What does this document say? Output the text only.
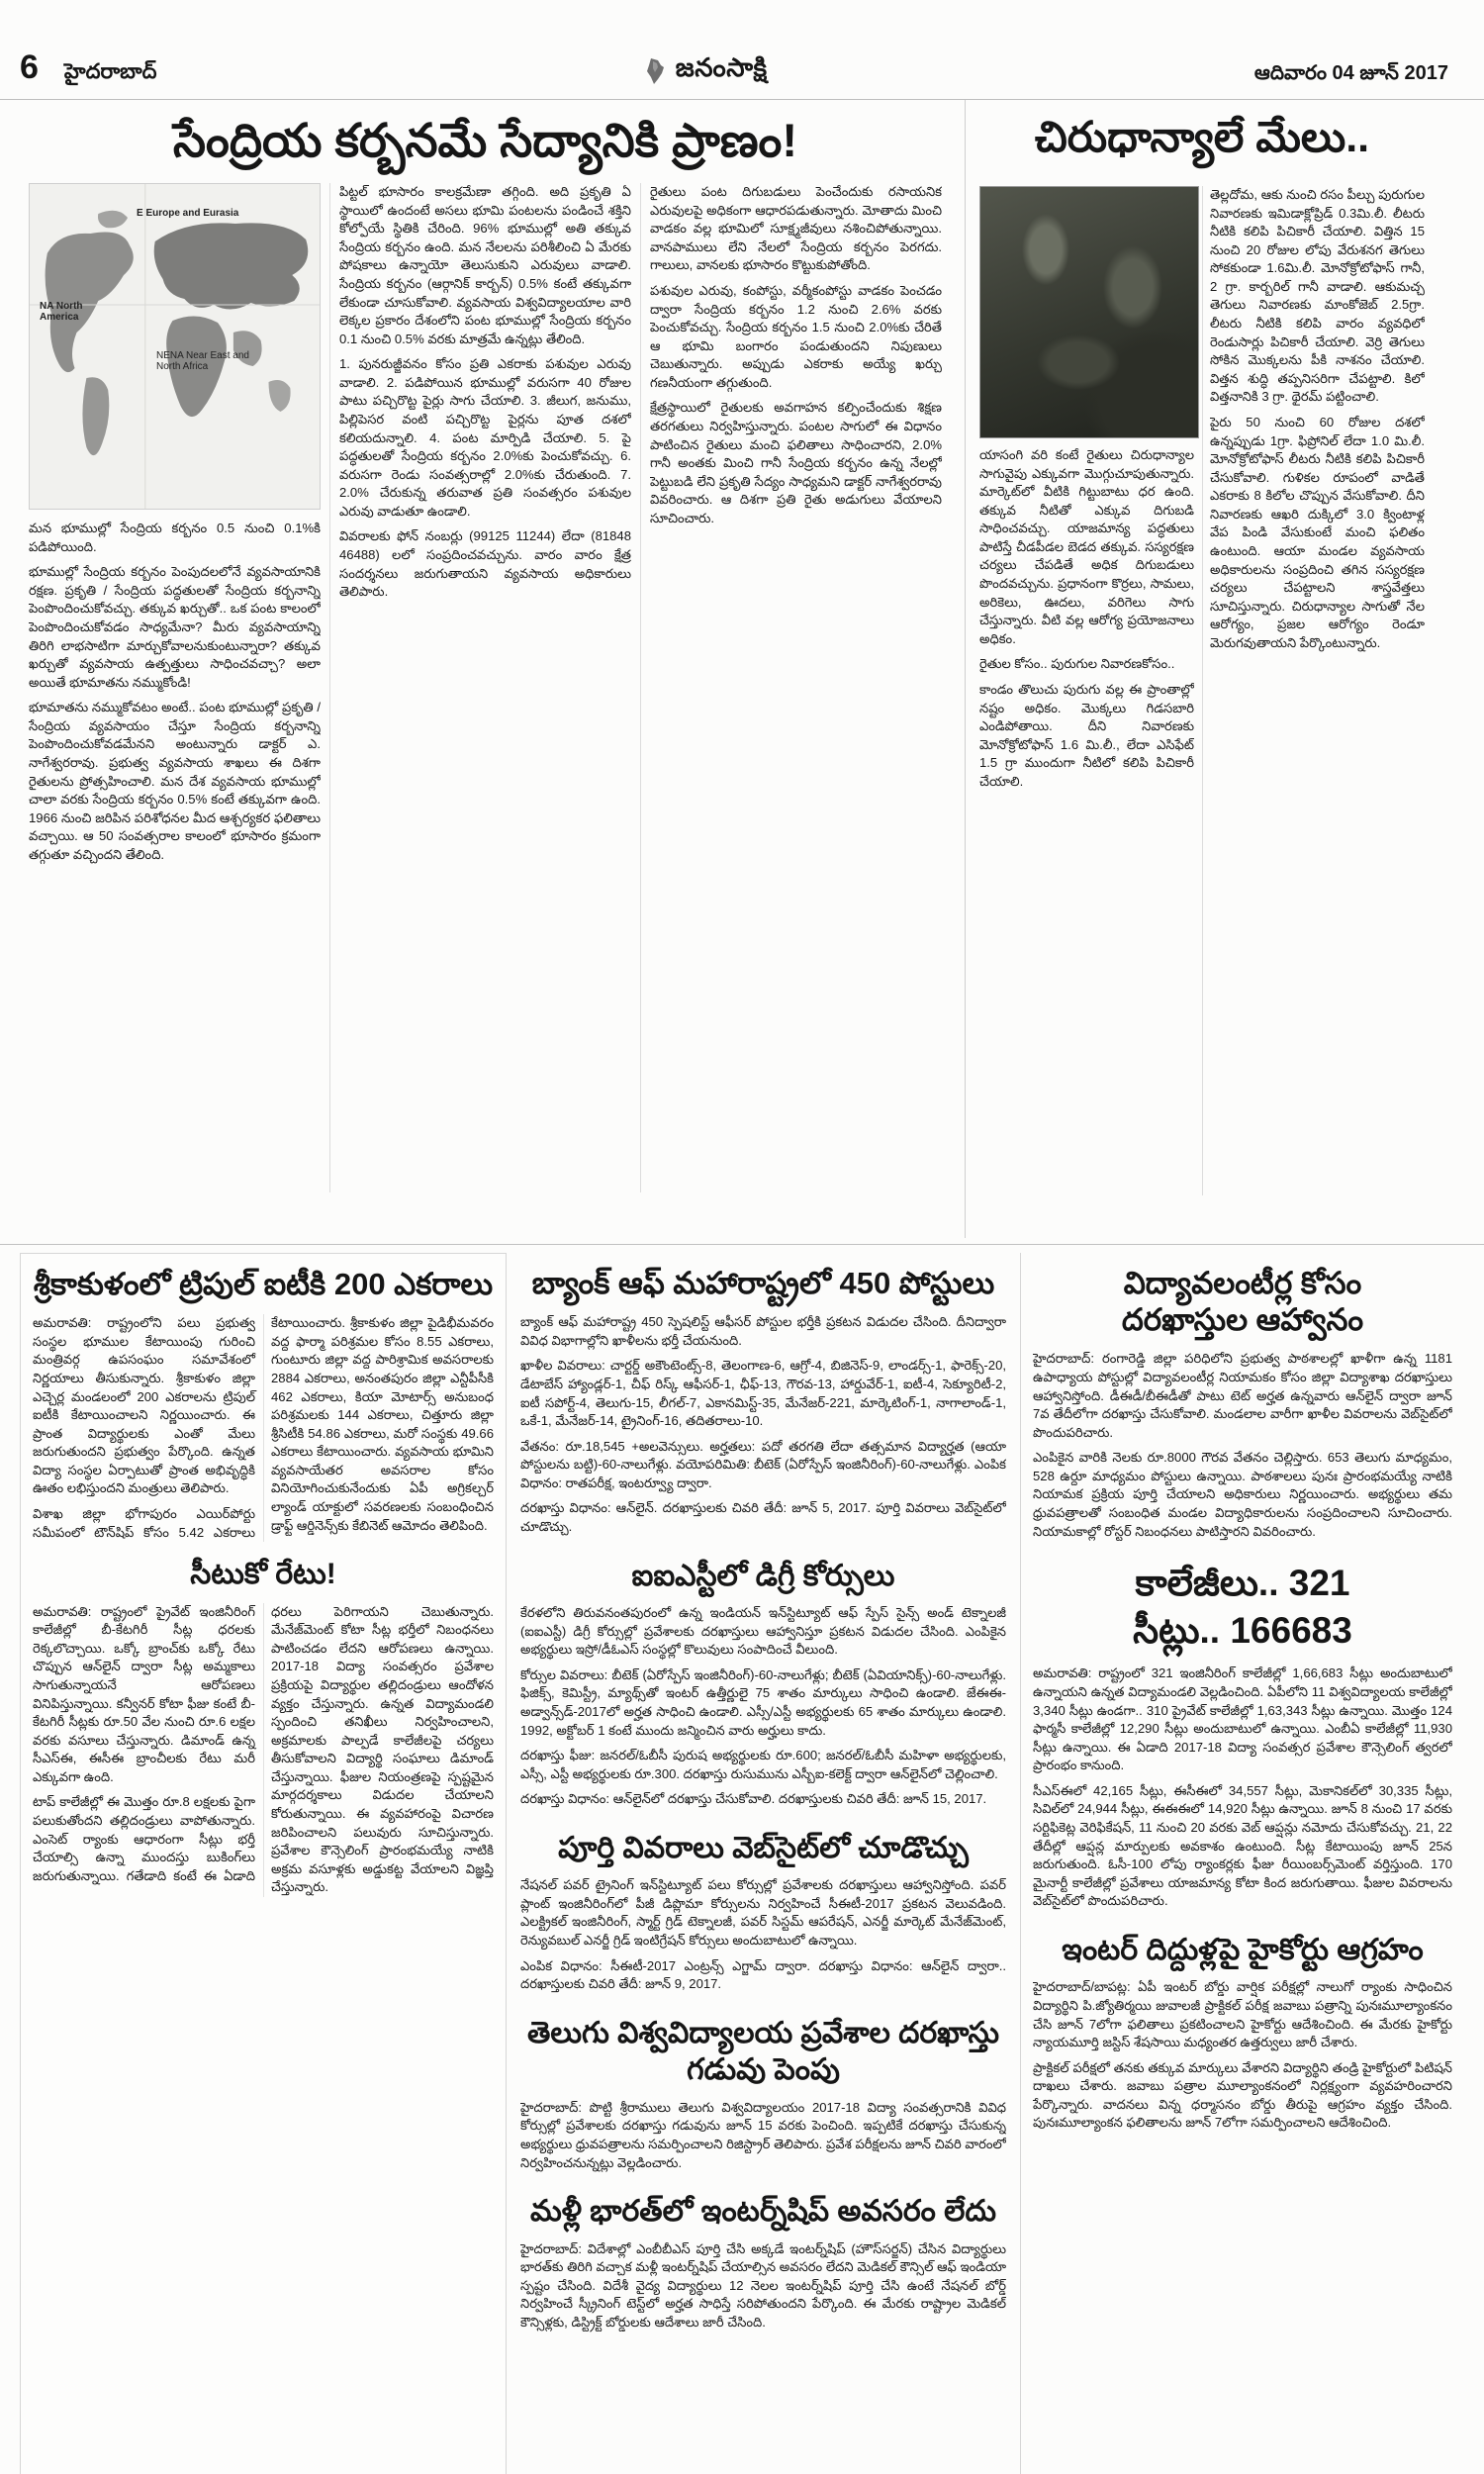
6 హైదరాబాద్	జనంసాక్షి	ఆదివారం 04 జూన్ 2017
సేంద్రియ కర్బనమే సేద్యానికి ప్రాణం!
E Europe and Eurasia
NA North America
NENA Near East and North Africa

మన భూముల్లో సేంద్రియ కర్బనం 0.5 నుంచి 0.1%కి పడిపోయింది.

భూముల్లో సేంద్రియ కర్బనం పెంపుదలలోనే వ్యవసాయానికి రక్షణ. ప్రకృతి / సేంద్రియ పద్ధతులతో సేంద్రియ కర్బనాన్ని పెంపొందించుకోవచ్చు. తక్కువ ఖర్చుతో.. ఒక పంట కాలంలో పెంపొందించుకోవడం సాధ్యమేనా? మీరు వ్యవసాయాన్ని తిరిగి లాభసాటిగా మార్చుకోవాలనుకుంటున్నారా? తక్కువ ఖర్చుతో వ్యవసాయ ఉత్పత్తులు సాధించవచ్చా? అలా అయితే భూమాతను నమ్ముకోండి!

భూమాతను నమ్ముకోవటం అంటే.. పంట భూముల్లో ప్రకృతి / సేంద్రియ వ్యవసాయం చేస్తూ సేంద్రియ కర్బనాన్ని పెంపొందించుకోవడమేనని అంటున్నారు డాక్టర్ ఎ. నాగేశ్వరరావు. ప్రభుత్వ వ్యవసాయ శాఖలు ఈ దిశగా రైతులను ప్రోత్సహించాలి. మన దేశ వ్యవసాయ భూముల్లో చాలా వరకు సేంద్రియ కర్బనం 0.5% కంటే తక్కువగా ఉంది. 1966 నుంచి జరిపిన పరిశోధనల మీద ఆశ్చర్యకర ఫలితాలు వచ్చాయి. ఆ 50 సంవత్సరాల కాలంలో భూసారం క్రమంగా తగ్గుతూ వచ్చిందని తేలింది.

పిట్టల్ భూసారం కాలక్రమేణా తగ్గింది. అది ప్రకృతి ఏ స్థాయిలో ఉందంటే అసలు భూమి పంటలను పండించే శక్తిని కోల్పోయే స్థితికి చేరింది. 96% భూముల్లో అతి తక్కువ సేంద్రియ కర్బనం ఉంది. మన నేలలను పరిశీలించి ఏ మేరకు పోషకాలు ఉన్నాయో తెలుసుకుని ఎరువులు వాడాలి. సేంద్రియ కర్బనం (ఆర్గానిక్ కార్బన్) 0.5% కంటే తక్కువగా లేకుండా చూసుకోవాలి. వ్యవసాయ విశ్వవిద్యాలయాల వారి లెక్కల ప్రకారం దేశంలోని పంట భూముల్లో సేంద్రియ కర్బనం 0.1 నుంచి 0.5% వరకు మాత్రమే ఉన్నట్లు తేలింది.

1. పునరుజ్జీవనం కోసం ప్రతి ఎకరాకు పశువుల ఎరువు వాడాలి. 2. పడిపోయిన భూముల్లో వరుసగా 40 రోజుల పాటు పచ్చిరొట్ట పైర్లు సాగు చేయాలి. 3. జీలుగ, జనుము, పిల్లిపెసర వంటి పచ్చిరొట్ట పైర్లను పూత దశలో కలియదున్నాలి. 4. పంట మార్పిడి చేయాలి. 5. పై పద్ధతులతో సేంద్రియ కర్బనం 2.0%కు పెంచుకోవచ్చు. 6. వరుసగా రెండు సంవత్సరాల్లో 2.0%కు చేరుతుంది. 7. 2.0% చేరుకున్న తరువాత ప్రతి సంవత్సరం పశువుల ఎరువు వాడుతూ ఉండాలి.

వివరాలకు ఫోన్ నంబర్లు (99125 11244) లేదా (81848 46488) లలో సంప్రదించవచ్చును. వారం వారం క్షేత్ర సందర్శనలు జరుగుతాయని వ్యవసాయ అధికారులు తెలిపారు.

రైతులు పంట దిగుబడులు పెంచేందుకు రసాయనిక ఎరువులపై అధికంగా ఆధారపడుతున్నారు. మోతాదు మించి వాడకం వల్ల భూమిలో సూక్ష్మజీవులు నశించిపోతున్నాయి. వానపాములు లేని నేలలో సేంద్రియ కర్బనం పెరగదు. గాలులు, వానలకు భూసారం కొట్టుకుపోతోంది.

పశువుల ఎరువు, కంపోస్టు, వర్మీకంపోస్టు వాడకం పెంచడం ద్వారా సేంద్రియ కర్బనం 1.2 నుంచి 2.6% వరకు పెంచుకోవచ్చు. సేంద్రియ కర్బనం 1.5 నుంచి 2.0%కు చేరితే ఆ భూమి బంగారం పండుతుందని నిపుణులు చెబుతున్నారు. అప్పుడు ఎకరాకు అయ్యే ఖర్చు గణనీయంగా తగ్గుతుంది.

క్షేత్రస్థాయిలో రైతులకు అవగాహన కల్పించేందుకు శిక్షణ తరగతులు నిర్వహిస్తున్నారు. పంటల సాగులో ఈ విధానం పాటించిన రైతులు మంచి ఫలితాలు సాధించారని, 2.0% గానీ అంతకు మించి గానీ సేంద్రియ కర్బనం ఉన్న నేలల్లో పెట్టుబడి లేని ప్రకృతి సేద్యం సాధ్యమని డాక్టర్ నాగేశ్వరరావు వివరించారు. ఆ దిశగా ప్రతి రైతు అడుగులు వేయాలని సూచించారు.

చిరుధాన్యాలే మేలు..

యాసంగి వరి కంటే రైతులు చిరుధాన్యాల సాగువైపు ఎక్కువగా మొగ్గుచూపుతున్నారు. మార్కెట్‌లో వీటికి గిట్టుబాటు ధర ఉంది. తక్కువ నీటితో ఎక్కువ దిగుబడి సాధించవచ్చు. యాజమాన్య పద్ధతులు పాటిస్తే చీడపీడల బెడద తక్కువ. సస్యరక్షణ చర్యలు చేపడితే అధిక దిగుబడులు పొందవచ్చును. ప్రధానంగా కొర్రలు, సామలు, అరికెలు, ఊదలు, వరిగెలు సాగు చేస్తున్నారు. వీటి వల్ల ఆరోగ్య ప్రయోజనాలు అధికం.

రైతుల కోసం.. పురుగుల నివారణకోసం..

కాండం తొలుచు పురుగు వల్ల ఈ ప్రాంతాల్లో నష్టం అధికం. మొక్కలు గిడసబారి ఎండిపోతాయి. దీని నివారణకు మోనోక్రోటోఫాస్ 1.6 మి.లీ., లేదా ఎసిఫేట్ 1.5 గ్రా ముందుగా నీటిలో కలిపి పిచికారీ చేయాలి.

తెల్లదోమ, ఆకు నుంచి రసం పీల్చు పురుగుల నివారణకు ఇమిడాక్లోప్రిడ్ 0.3మి.లీ. లీటరు నీటికి కలిపి పిచికారీ చేయాలి. విత్తిన 15 నుంచి 20 రోజుల లోపు వేరుశనగ తెగులు సోకకుండా 1.6మి.లీ. మోనోక్రోటోఫాస్ గానీ, 2 గ్రా. కార్బరిల్ గానీ వాడాలి. ఆకుమచ్చ తెగులు నివారణకు మాంకోజెబ్ 2.5గ్రా. లీటరు నీటికి కలిపి వారం వ్యవధిలో రెండుసార్లు పిచికారీ చేయాలి. వెర్రి తెగులు సోకిన మొక్కలను పీకి నాశనం చేయాలి. విత్తన శుద్ధి తప్పనిసరిగా చేపట్టాలి. కిలో విత్తనానికి 3 గ్రా. థైరమ్ పట్టించాలి.

పైరు 50 నుంచి 60 రోజుల దశలో ఉన్నప్పుడు 1గ్రా. ఫిప్రోనిల్ లేదా 1.0 మి.లీ. మోనోక్రోటోఫాస్ లీటరు నీటికి కలిపి పిచికారీ చేసుకోవాలి. గుళికల రూపంలో వాడితే ఎకరాకు 8 కిలోల చొప్పున వేసుకోవాలి. దీని నివారణకు ఆఖరి దుక్కిలో 3.0 క్వింటాళ్ల వేప పిండి వేసుకుంటే మంచి ఫలితం ఉంటుంది. ఆయా మండల వ్యవసాయ అధికారులను సంప్రదించి తగిన సస్యరక్షణ చర్యలు చేపట్టాలని శాస్త్రవేత్తలు సూచిస్తున్నారు. చిరుధాన్యాల సాగుతో నేల ఆరోగ్యం, ప్రజల ఆరోగ్యం రెండూ మెరుగవుతాయని పేర్కొంటున్నారు.

శ్రీకాకుళంలో ట్రిపుల్ ఐటీకి 200 ఎకరాలు

అమరావతి: రాష్ట్రంలోని పలు ప్రభుత్వ సంస్థల భూముల కేటాయింపు గురించి మంత్రివర్గ ఉపసంఘం సమావేశంలో నిర్ణయాలు తీసుకున్నారు. శ్రీకాకుళం జిల్లా ఎచ్చెర్ల మండలంలో 200 ఎకరాలను ట్రిపుల్ ఐటీకి కేటాయించాలని నిర్ణయించారు. ఈ ప్రాంత విద్యార్థులకు ఎంతో మేలు జరుగుతుందని ప్రభుత్వం పేర్కొంది. ఉన్నత విద్యా సంస్థల ఏర్పాటుతో ప్రాంత అభివృద్ధికి ఊతం లభిస్తుందని మంత్రులు తెలిపారు.

విశాఖ జిల్లా భోగాపురం ఎయిర్‌పోర్టు సమీపంలో టౌన్‌షిప్ కోసం 5.42 ఎకరాలు కేటాయించారు. శ్రీకాకుళం జిల్లా పైడిభీమవరం వద్ద ఫార్మా పరిశ్రమల కోసం 8.55 ఎకరాలు, గుంటూరు జిల్లా వద్ద పారిశ్రామిక అవసరాలకు 2884 ఎకరాలు, అనంతపురం జిల్లా ఎన్టీపీసీకి 462 ఎకరాలు, కియా మోటార్స్ అనుబంధ పరిశ్రమలకు 144 ఎకరాలు, చిత్తూరు జిల్లా శ్రీసిటీకి 54.86 ఎకరాలు, మరో సంస్థకు 49.66 ఎకరాలు కేటాయించారు. వ్యవసాయ భూమిని వ్యవసాయేతర అవసరాల కోసం వినియోగించుకునేందుకు ఏపీ అగ్రికల్చర్ ల్యాండ్ యాక్టులో సవరణలకు సంబంధించిన డ్రాఫ్ట్ ఆర్డినెన్స్‌కు కేబినెట్ ఆమోదం తెలిపింది.

సీటుకో రేటు!

అమరావతి: రాష్ట్రంలో ప్రైవేట్ ఇంజినీరింగ్ కాలేజీల్లో బీ-కేటగిరీ సీట్ల ధరలకు రెక్కలొచ్చాయి. ఒక్కో బ్రాంచ్‌కు ఒక్కో రేటు చొప్పున ఆన్‌లైన్ ద్వారా సీట్ల అమ్మకాలు సాగుతున్నాయనే ఆరోపణలు వినిపిస్తున్నాయి. కన్వీనర్ కోటా ఫీజు కంటే బీ-కేటగిరీ సీట్లకు రూ.50 వేల నుంచి రూ.6 లక్షల వరకు వసూలు చేస్తున్నారు. డిమాండ్ ఉన్న సీఎస్ఈ, ఈసీఈ బ్రాంచీలకు రేటు మరీ ఎక్కువగా ఉంది.

టాప్ కాలేజీల్లో ఈ మొత్తం రూ.8 లక్షలకు పైగా పలుకుతోందని తల్లిదండ్రులు వాపోతున్నారు. ఎంసెట్ ర్యాంకు ఆధారంగా సీట్లు భర్తీ చేయాల్సి ఉన్నా ముందస్తు బుకింగ్‌లు జరుగుతున్నాయి. గతేడాది కంటే ఈ ఏడాది ధరలు పెరిగాయని చెబుతున్నారు. మేనేజ్‌మెంట్ కోటా సీట్ల భర్తీలో నిబంధనలు పాటించడం లేదని ఆరోపణలు ఉన్నాయి. 2017-18 విద్యా సంవత్సరం ప్రవేశాల ప్రక్రియపై విద్యార్థుల తల్లిదండ్రులు ఆందోళన వ్యక్తం చేస్తున్నారు. ఉన్నత విద్యామండలి స్పందించి తనిఖీలు నిర్వహించాలని, అక్రమాలకు పాల్పడే కాలేజీలపై చర్యలు తీసుకోవాలని విద్యార్థి సంఘాలు డిమాండ్ చేస్తున్నాయి. ఫీజుల నియంత్రణపై స్పష్టమైన మార్గదర్శకాలు విడుదల చేయాలని కోరుతున్నాయి. ఈ వ్యవహారంపై విచారణ జరిపించాలని పలువురు సూచిస్తున్నారు. ప్రవేశాల కౌన్సెలింగ్ ప్రారంభమయ్యే నాటికి అక్రమ వసూళ్లకు అడ్డుకట్ట వేయాలని విజ్ఞప్తి చేస్తున్నారు.

బ్యాంక్ ఆఫ్ మహారాష్ట్రలో 450 పోస్టులు

బ్యాంక్ ఆఫ్ మహారాష్ట్ర 450 స్పెషలిస్ట్ ఆఫీసర్ పోస్టుల భర్తీకి ప్రకటన విడుదల చేసింది. దీనిద్వారా వివిధ విభాగాల్లోని ఖాళీలను భర్తీ చేయనుంది.

ఖాళీల వివరాలు: చార్టర్డ్ అకౌంటెంట్స్-8, తెలంగాణ-6, ఆగ్రో-4, బిజినెస్-9, లాండర్స్-1, ఫారెక్స్-20, డేటాబేస్ హ్యాండ్లర్-1, చీఫ్ రిస్క్ ఆఫీసర్-1, ఛీఫ్-13, గౌరవ-13, హార్డువేర్-1, ఐటీ-4, సెక్యూరిటీ-2, ఐటీ సపోర్ట్-4, తెలుగు-15, లీగల్-7, ఎకానమిస్ట్-35, మేనేజర్-221, మార్కెటింగ్-1, నాగాలాండ్-1, ఒకే-1, మేనేజర్-14, ట్రైనింగ్-16, తదితరాలు-10.

వేతనం: రూ.18,545 +అలవెన్సులు. అర్హతలు: పదో తరగతి లేదా తత్సమాన విద్యార్హత (ఆయా పోస్టులను బట్టి)-60-నాలుగేళ్లు. వయోపరిమితి: బీటెక్ (ఏరోస్పేస్ ఇంజినీరింగ్)-60-నాలుగేళ్లు. ఎంపిక విధానం: రాతపరీక్ష, ఇంటర్వ్యూ ద్వారా.

దరఖాస్తు విధానం: ఆన్‌లైన్. దరఖాస్తులకు చివరి తేదీ: జూన్ 5, 2017. పూర్తి వివరాలు వెబ్‌సైట్‌లో చూడొచ్చు.

ఐఐఎస్టీలో డిగ్రీ కోర్సులు

కేరళలోని తిరువనంతపురంలో ఉన్న ఇండియన్ ఇన్‌స్టిట్యూట్ ఆఫ్ స్పేస్ సైన్స్ అండ్ టెక్నాలజీ (ఐఐఎస్టీ) డిగ్రీ కోర్సుల్లో ప్రవేశాలకు దరఖాస్తులు ఆహ్వానిస్తూ ప్రకటన విడుదల చేసింది. ఎంపికైన అభ్యర్థులు ఇస్రో/డీఓఎస్ సంస్థల్లో కొలువులు సంపాదించే వీలుంది.

కోర్సుల వివరాలు: బీటెక్ (ఏరోస్పేస్ ఇంజినీరింగ్)-60-నాలుగేళ్లు; బీటెక్ (ఏవియానిక్స్)-60-నాలుగేళ్లు. ఫిజిక్స్, కెమిస్ట్రీ, మ్యాథ్స్‌తో ఇంటర్ ఉత్తీర్ణులై 75 శాతం మార్కులు సాధించి ఉండాలి. జేఈఈ-అడ్వాన్స్‌డ్-2017లో అర్హత సాధించి ఉండాలి. ఎస్సీ/ఎస్టీ అభ్యర్థులకు 65 శాతం మార్కులు ఉండాలి. 1992, అక్టోబర్ 1 కంటే ముందు జన్మించిన వారు అర్హులు కాదు.

దరఖాస్తు ఫీజు: జనరల్/ఓబీసీ పురుష అభ్యర్థులకు రూ.600; జనరల్/ఓబీసీ మహిళా అభ్యర్థులకు, ఎస్సీ, ఎస్టీ అభ్యర్థులకు రూ.300. దరఖాస్తు రుసుమును ఎస్బీఐ-కలెక్ట్ ద్వారా ఆన్‌లైన్‌లో చెల్లించాలి.

దరఖాస్తు విధానం: ఆన్‌లైన్‌లో దరఖాస్తు చేసుకోవాలి. దరఖాస్తులకు చివరి తేదీ: జూన్ 15, 2017.

పూర్తి వివరాలు వెబ్‌సైట్‌లో చూడొచ్చు

నేషనల్ పవర్ ట్రైనింగ్ ఇన్‌స్టిట్యూట్ పలు కోర్సుల్లో ప్రవేశాలకు దరఖాస్తులు ఆహ్వానిస్తోంది. పవర్ ప్లాంట్ ఇంజినీరింగ్‌లో పీజీ డిప్లొమా కోర్సులను నిర్వహించే సీఈటీ-2017 ప్రకటన వెలువడింది. ఎలక్ట్రికల్ ఇంజినీరింగ్, స్మార్ట్ గ్రిడ్ టెక్నాలజీ, పవర్ సిస్టమ్ ఆపరేషన్, ఎనర్జీ మార్కెట్ మేనేజ్‌మెంట్, రెన్యువబుల్ ఎనర్జీ గ్రిడ్ ఇంటిగ్రేషన్ కోర్సులు అందుబాటులో ఉన్నాయి.

ఎంపిక విధానం: సీఈటీ-2017 ఎంట్రన్స్ ఎగ్జామ్ ద్వారా. దరఖాస్తు విధానం: ఆన్‌లైన్ ద్వారా.. దరఖాస్తులకు చివరి తేదీ: జూన్ 9, 2017.

తెలుగు విశ్వవిద్యాలయ ప్రవేశాల దరఖాస్తు గడువు పెంపు

హైదరాబాద్: పొట్టి శ్రీరాములు తెలుగు విశ్వవిద్యాలయం 2017-18 విద్యా సంవత్సరానికి వివిధ కోర్సుల్లో ప్రవేశాలకు దరఖాస్తు గడువును జూన్ 15 వరకు పెంచింది. ఇప్పటికే దరఖాస్తు చేసుకున్న అభ్యర్థులు ధ్రువపత్రాలను సమర్పించాలని రిజిస్ట్రార్ తెలిపారు. ప్రవేశ పరీక్షలను జూన్ చివరి వారంలో నిర్వహించనున్నట్లు వెల్లడించారు.

మళ్లీ భారత్‌లో ఇంటర్న్‌షిప్ అవసరం లేదు

హైదరాబాద్: విదేశాల్లో ఎంబీబీఎస్ పూర్తి చేసి అక్కడే ఇంటర్న్‌షిప్ (హౌస్‌సర్జన్) చేసిన విద్యార్థులు భారత్‌కు తిరిగి వచ్చాక మళ్లీ ఇంటర్న్‌షిప్ చేయాల్సిన అవసరం లేదని మెడికల్ కౌన్సిల్ ఆఫ్ ఇండియా స్పష్టం చేసింది. విదేశీ వైద్య విద్యార్థులు 12 నెలల ఇంటర్న్‌షిప్ పూర్తి చేసి ఉంటే నేషనల్ బోర్డ్ నిర్వహించే స్క్రీనింగ్ టెస్ట్‌లో అర్హత సాధిస్తే సరిపోతుందని పేర్కొంది. ఈ మేరకు రాష్ట్రాల మెడికల్ కౌన్సిళ్లకు, డిస్ట్రిక్ట్ బోర్డులకు ఆదేశాలు జారీ చేసింది.

విద్యావలంటీర్ల కోసం
దరఖాస్తుల ఆహ్వానం

హైదరాబాద్: రంగారెడ్డి జిల్లా పరిధిలోని ప్రభుత్వ పాఠశాలల్లో ఖాళీగా ఉన్న 1181 ఉపాధ్యాయ పోస్టుల్లో విద్యావలంటీర్ల నియామకం కోసం జిల్లా విద్యాశాఖ దరఖాస్తులు ఆహ్వానిస్తోంది. డీఈడీ/బీఈడీతో పాటు టెట్ అర్హత ఉన్నవారు ఆన్‌లైన్ ద్వారా జూన్ 7వ తేదీలోగా దరఖాస్తు చేసుకోవాలి. మండలాల వారీగా ఖాళీల వివరాలను వెబ్‌సైట్‌లో పొందుపరిచారు.

ఎంపికైన వారికి నెలకు రూ.8000 గౌరవ వేతనం చెల్లిస్తారు. 653 తెలుగు మాధ్యమం, 528 ఉర్దూ మాధ్యమం పోస్టులు ఉన్నాయి. పాఠశాలలు పునః ప్రారంభమయ్యే నాటికి నియామక ప్రక్రియ పూర్తి చేయాలని అధికారులు నిర్ణయించారు. అభ్యర్థులు తమ ధ్రువపత్రాలతో సంబంధిత మండల విద్యాధికారులను సంప్రదించాలని సూచించారు. నియామకాల్లో రోస్టర్ నిబంధనలు పాటిస్తారని వివరించారు.

కాలేజీలు.. 321
సీట్లు.. 166683

అమరావతి: రాష్ట్రంలో 321 ఇంజినీరింగ్ కాలేజీల్లో 1,66,683 సీట్లు అందుబాటులో ఉన్నాయని ఉన్నత విద్యామండలి వెల్లడించింది. ఏపీలోని 11 విశ్వవిద్యాలయ కాలేజీల్లో 3,340 సీట్లు ఉండగా.. 310 ప్రైవేట్ కాలేజీల్లో 1,63,343 సీట్లు ఉన్నాయి. మొత్తం 124 ఫార్మసీ కాలేజీల్లో 12,290 సీట్లు అందుబాటులో ఉన్నాయి. ఎంబీఏ కాలేజీల్లో 11,930 సీట్లు ఉన్నాయి. ఈ ఏడాది 2017-18 విద్యా సంవత్సర ప్రవేశాల కౌన్సెలింగ్ త్వరలో ప్రారంభం కానుంది.

సీఎస్ఈలో 42,165 సీట్లు, ఈసీఈలో 34,557 సీట్లు, మెకానికల్‌లో 30,335 సీట్లు, సివిల్‌లో 24,944 సీట్లు, ఈఈఈలో 14,920 సీట్లు ఉన్నాయి. జూన్ 8 నుంచి 17 వరకు సర్టిఫికెట్ల వెరిఫికేషన్, 11 నుంచి 20 వరకు వెబ్ ఆప్షన్లు నమోదు చేసుకోవచ్చు. 21, 22 తేదీల్లో ఆప్షన్ల మార్పులకు అవకాశం ఉంటుంది. సీట్ల కేటాయింపు జూన్ 25న జరుగుతుంది. ఓసీ-100 లోపు ర్యాంకర్లకు ఫీజు రీయింబర్స్‌మెంట్ వర్తిస్తుంది. 170 మైనార్టీ కాలేజీల్లో ప్రవేశాలు యాజమాన్య కోటా కింద జరుగుతాయి. ఫీజుల వివరాలను వెబ్‌సైట్‌లో పొందుపరిచారు.

ఇంటర్ దిద్దుళ్లపై హైకోర్టు ఆగ్రహం

హైదరాబాద్/బాపట్ల: ఏపీ ఇంటర్ బోర్డు వార్షిక పరీక్షల్లో నాలుగో ర్యాంకు సాధించిన విద్యార్థిని పి.జ్యోతిర్మయి జువాలజీ ప్రాక్టికల్ పరీక్ష జవాబు పత్రాన్ని పునఃమూల్యాంకనం చేసి జూన్ 7లోగా ఫలితాలు ప్రకటించాలని హైకోర్టు ఆదేశించింది. ఈ మేరకు హైకోర్టు న్యాయమూర్తి జస్టిస్ శేషసాయి మధ్యంతర ఉత్తర్వులు జారీ చేశారు.

ప్రాక్టికల్ పరీక్షలో తనకు తక్కువ మార్కులు వేశారని విద్యార్థిని తండ్రి హైకోర్టులో పిటిషన్ దాఖలు చేశారు. జవాబు పత్రాల మూల్యాంకనంలో నిర్లక్ష్యంగా వ్యవహరించారని పేర్కొన్నారు. వాదనలు విన్న ధర్మాసనం బోర్డు తీరుపై ఆగ్రహం వ్యక్తం చేసింది. పునఃమూల్యాంకన ఫలితాలను జూన్ 7లోగా సమర్పించాలని ఆదేశించింది.
